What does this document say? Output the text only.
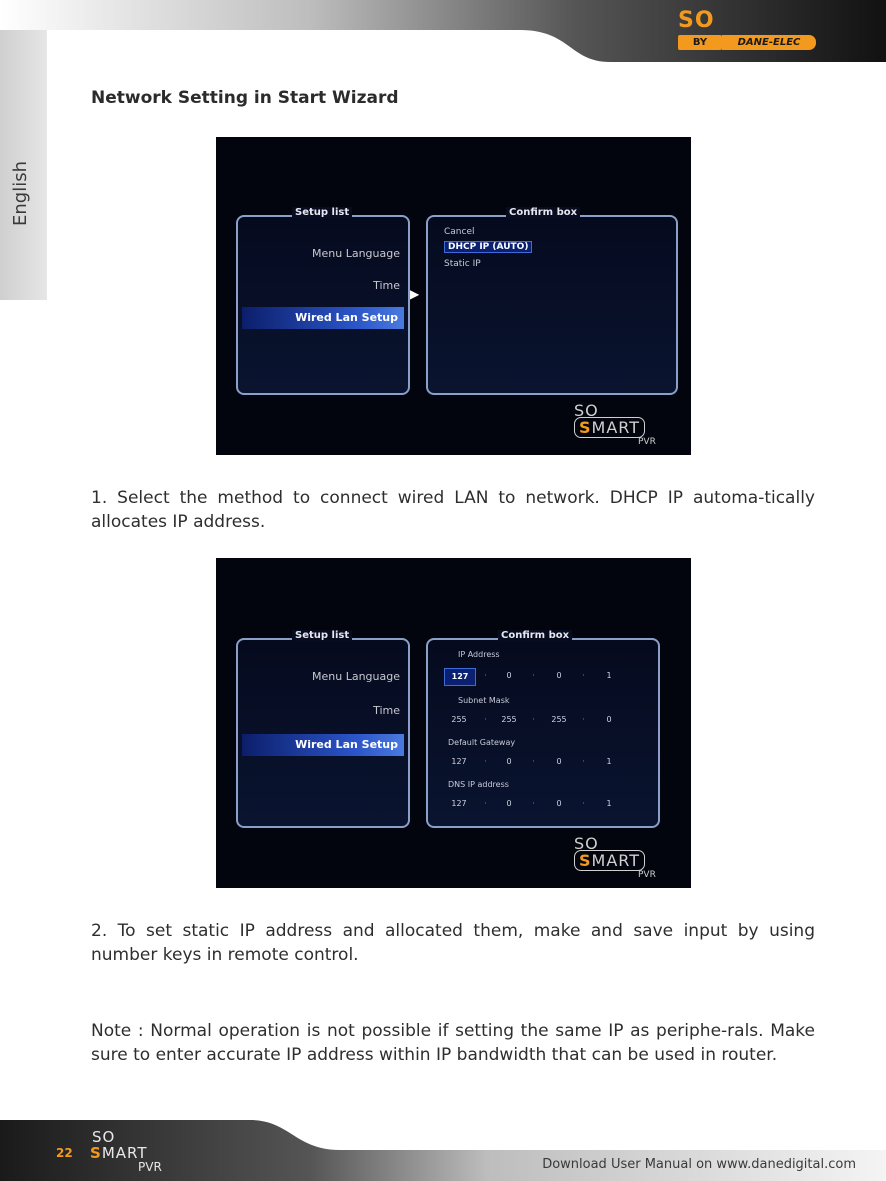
SO
BY	DANE-ELEC
English
Network Setting in Start Wizard
Setup list
Menu Language
Time
Wired Lan Setup
▶
Confirm box
Cancel
DHCP IP (AUTO)
Static IP
SO
SMART
PVR

1. Select the method to connect wired LAN to network. DHCP IP automa-tically allocates IP address.

Setup list
Menu Language
Time
Wired Lan Setup
Confirm box
IP Address
127	·	0	·	0	·	1
Subnet Mask
255	·	255	·	255	·	0
Default Gateway
127	·	0	·	0	·	1
DNS IP address
127	·	0	·	0	·	1
SO
SMART
PVR

2. To set static IP address and allocated them, make and save input by using number keys in remote control.

Note : Normal operation is not possible if setting the same IP as periphe-rals. Make sure to enter accurate IP address within IP bandwidth that can be used in router.

22
SO
SMART
PVR	Download User Manual on www.danedigital.com
